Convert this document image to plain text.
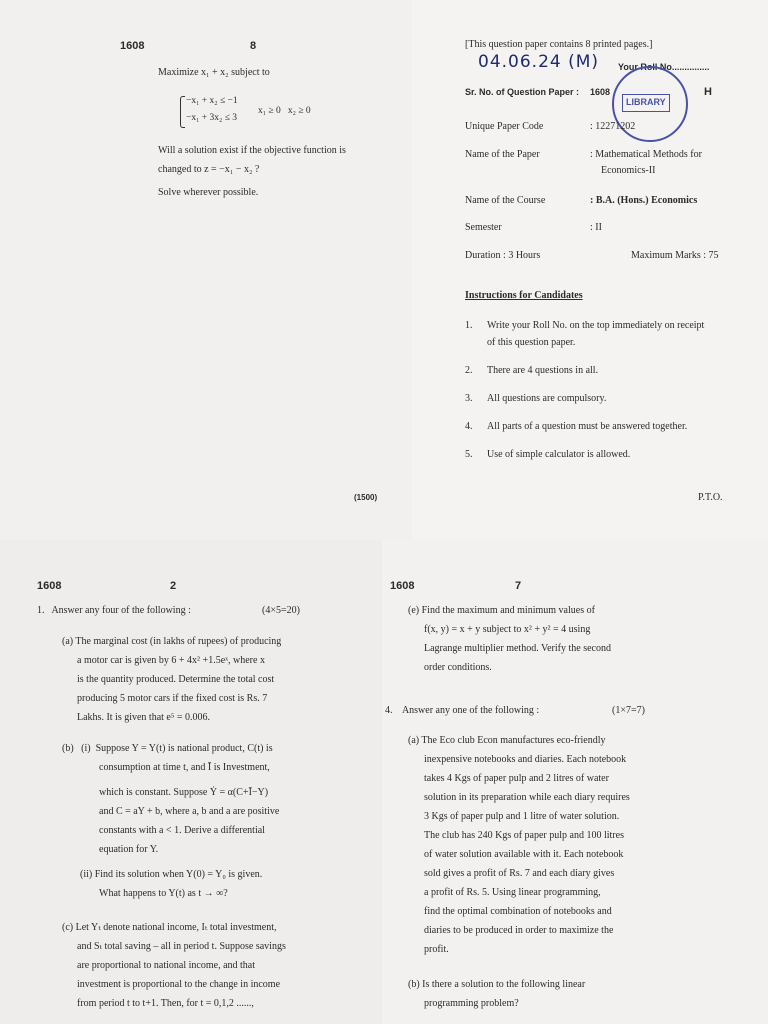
1608	8
Maximize x₁ + x₂ subject to
−x₁ + x₂ ≤ −1
−x₁ + 3x₂ ≤ 3
x₁ ≥ 0   x₂ ≥ 0
Will a solution exist if the objective function is
changed to z = −x₁ − x₂ ?
Solve wherever possible.
(1500)
[This question paper contains 8 printed pages.]
04.06.24 (M) Your Roll No...............
Sr. No. of Question Paper : 1608	H
LIBRARY
Unique Paper Code	: 12271202
Name of the Paper	: Mathematical Methods for
Economics-II
Name of the Course	: B.A. (Hons.) Economics
Semester	: II
Duration : 3 Hours	Maximum Marks : 75
Instructions for Candidates
1. Write your Roll No. on the top immediately on receipt
of this question paper.
2. There are 4 questions in all.
3. All questions are compulsory.
4. All parts of a question must be answered together.
5. Use of simple calculator is allowed.
P.T.O.
1608	2
1.   Answer any four of the following :	(4×5=20)
(a) The marginal cost (in lakhs of rupees) of producing
a motor car is given by 6 + 4x² +1.5eˣ, where x
is the quantity produced. Determine the total cost
producing 5 motor cars if the fixed cost is Rs. 7
Lakhs. It is given that e⁵ = 0.006.
(b)   (i)  Suppose Y = Y(t) is national product, C(t) is
consumption at time t, and Ī is Investment,
which is constant. Suppose Ẏ = α(C+Ī−Y)
and C = aY + b, where a, b and a are positive
constants with a < 1. Derive a differential
equation for Y.
(ii) Find its solution when Y(0) = Y₀ is given.
What happens to Y(t) as t → ∞?
(c) Let Yₜ denote national income, Iₜ total investment,
and Sₜ total saving – all in period t. Suppose savings
are proportional to national income, and that
investment is proportional to the change in income
from period t to t+1. Then, for t = 0,1,2 ......,
1608	7
(e) Find the maximum and minimum values of
f(x, y) = x + y subject to x² + y² = 4 using
Lagrange multiplier method. Verify the second
order conditions.
4.    Answer any one of the following :	(1×7=7)
(a) The Eco club Econ manufactures eco-friendly
inexpensive notebooks and diaries. Each notebook
takes 4 Kgs of paper pulp and 2 litres of water
solution in its preparation while each diary requires
3 Kgs of paper pulp and 1 litre of water solution.
The club has 240 Kgs of paper pulp and 100 litres
of water solution available with it. Each notebook
sold gives a profit of Rs. 7 and each diary gives
a profit of Rs. 5. Using linear programming,
find the optimal combination of notebooks and
diaries to be produced in order to maximize the
profit.
(b) Is there a solution to the following linear
programming problem?
